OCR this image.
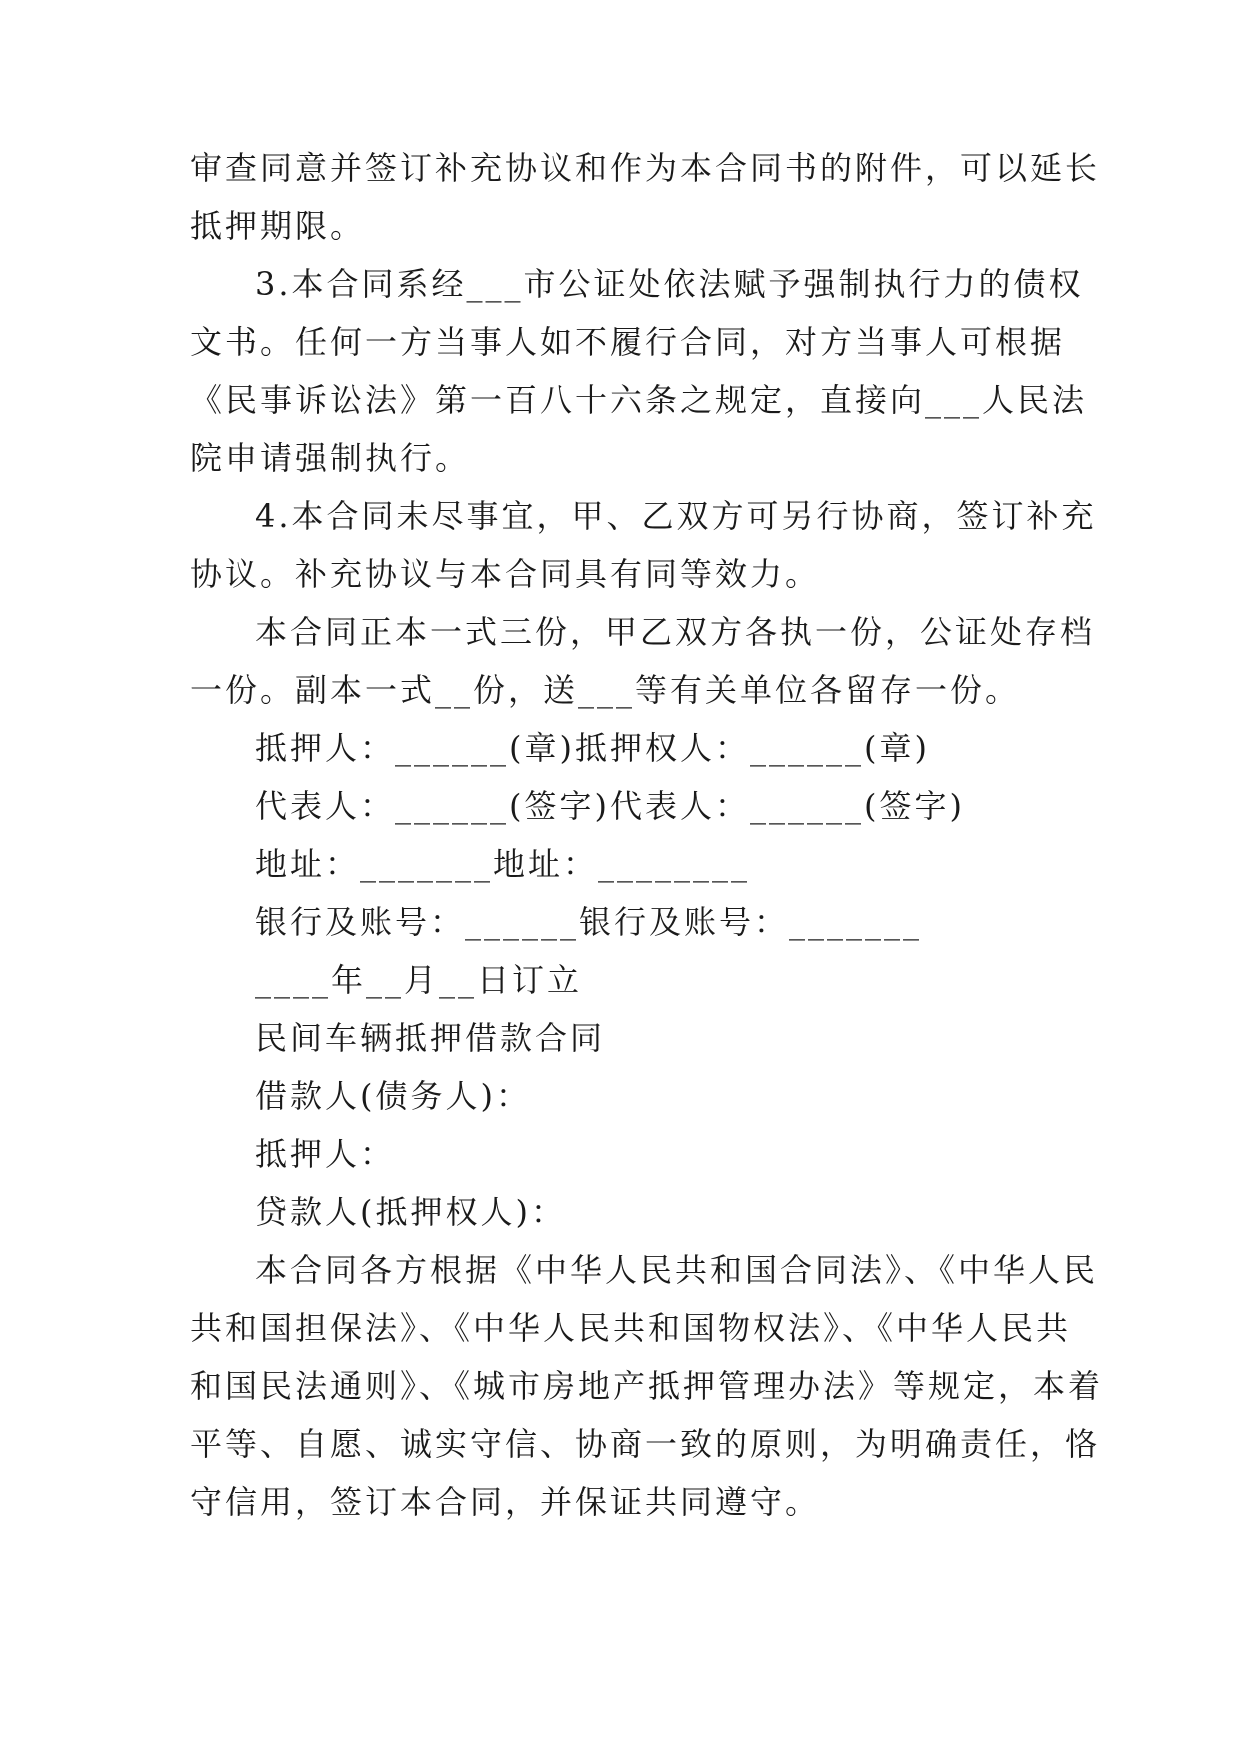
审查同意并签订补充协议和作为本合同书的附件，可以延长
抵押期限。
3.本合同系经___市公证处依法赋予强制执行力的债权
文书。任何一方当事人如不履行合同，对方当事人可根据
《民事诉讼法》第一百八十六条之规定，直接向___人民法
院申请强制执行。
4.本合同未尽事宜，甲、乙双方可另行协商，签订补充
协议。补充协议与本合同具有同等效力。
本合同正本一式三份，甲乙双方各执一份，公证处存档
一份。副本一式__份，送___等有关单位各留存一份。
抵押人：______(章)抵押权人：______(章)
代表人：______(签字)代表人：______(签字)
地址：_______地址：________
银行及账号：______银行及账号：_______
____年__月__日订立
民间车辆抵押借款合同
借款人(债务人)：
抵押人：
贷款人(抵押权人)：
本合同各方根据《中华人民共和国合同法》、《中华人民
共和国担保法》、《中华人民共和国物权法》、《中华人民共
和国民法通则》、《城市房地产抵押管理办法》等规定，本着
平等、自愿、诚实守信、协商一致的原则，为明确责任，恪
守信用，签订本合同，并保证共同遵守。
